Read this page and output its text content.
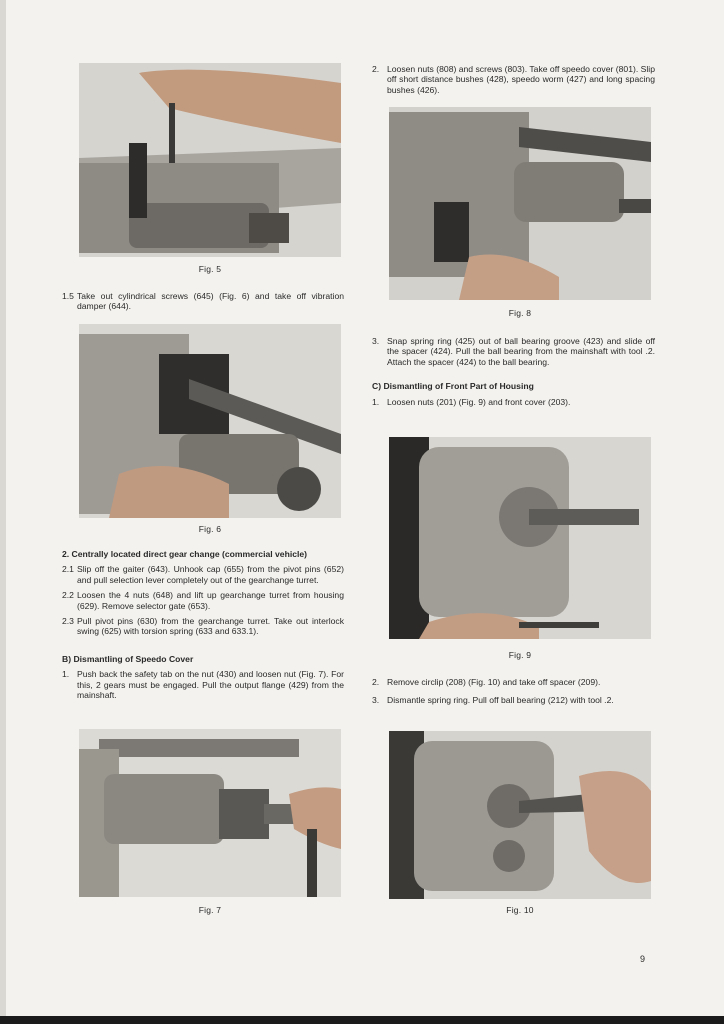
Fig. 5
1.5 Take out cylindrical screws (645) (Fig. 6) and take off vibration damper (644).
Fig. 6

2. Centrally located direct gear change (commercial vehicle)

2.1 Slip off the gaiter (643). Unhook cap (655) from the pivot pins (652) and pull selection lever completely out of the gearchange turret.

2.2 Loosen the 4 nuts (648) and lift up gearchange turret from housing (629). Remove selector gate (653).

2.3 Pull pivot pins (630) from the gearchange turret. Take out interlock swing (625) with torsion spring (633 and 633.1).

B) Dismantling of Speedo Cover

1. Push back the safety tab on the nut (430) and loosen nut (Fig. 7). For this, 2 gears must be engaged. Pull the output flange (429) from the mainshaft.

Fig. 7
2. Loosen nuts (808) and screws (803). Take off speedo cover (801). Slip off short distance bushes (428), speedo worm (427) and long spacing bushes (426).
Fig. 8

3. Snap spring ring (425) out of ball bearing groove (423) and slide off the spacer (424). Pull the ball bearing from the mainshaft with tool .2. Attach the spacer (424) to the ball bearing.

C) Dismantling of Front Part of Housing

1. Loosen nuts (201) (Fig. 9) and front cover (203).

Fig. 9

2. Remove circlip (208) (Fig. 10) and take off spacer (209).

3. Dismantle spring ring. Pull off ball bearing (212) with tool .2.

Fig. 10
9
